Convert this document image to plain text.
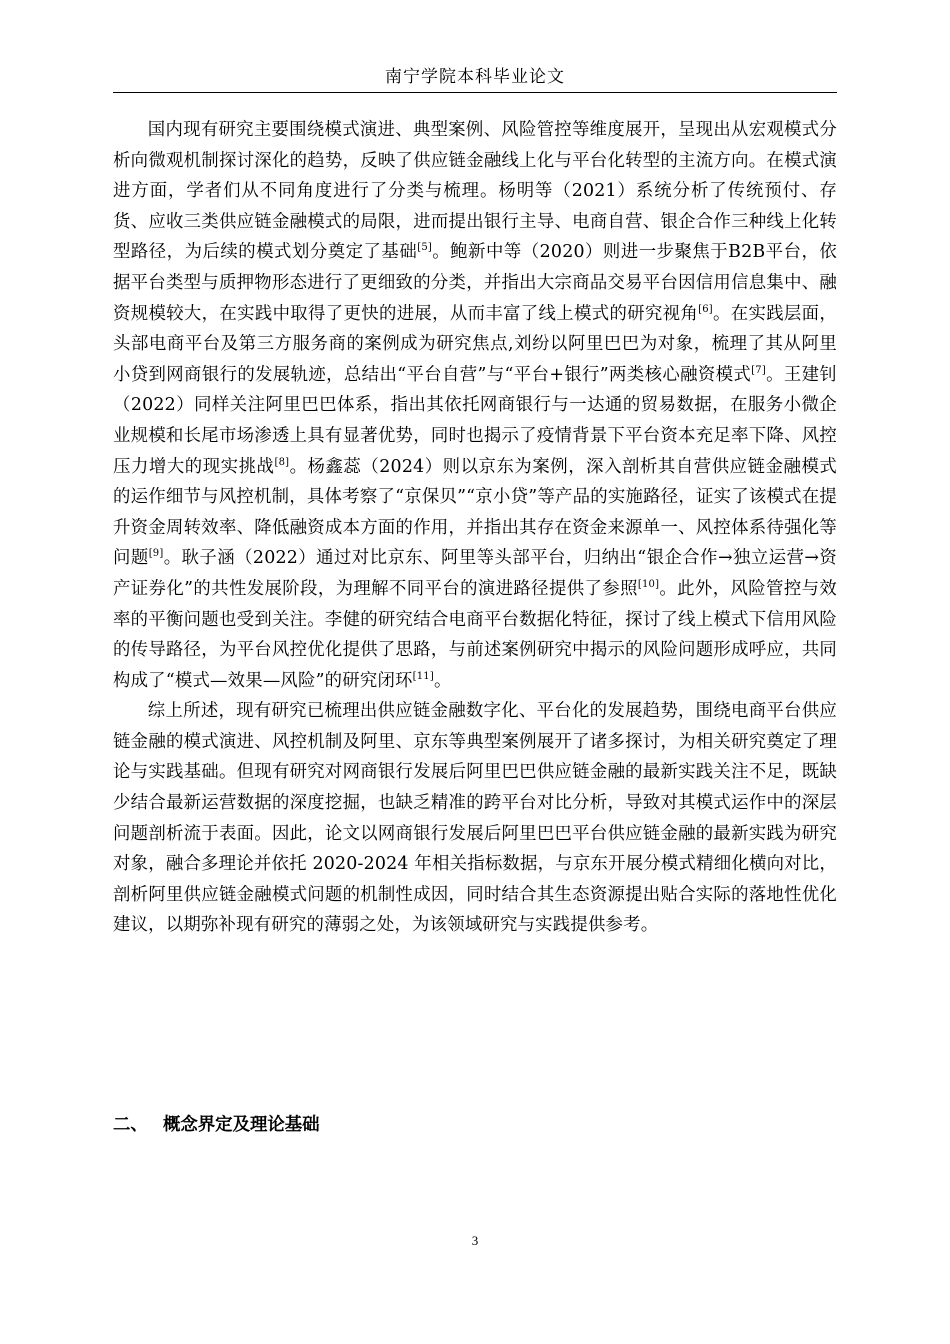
南宁学院本科毕业论文

国内现有研究主要围绕模式演进、典型案例、风险管控等维度展开，呈现出从宏观模式分析向微观机制探讨深化的趋势，反映了供应链金融线上化与平台化转型的主流方向。在模式演进方面，学者们从不同角度进行了分类与梳理。杨明等（2021）系统分析了传统预付、存货、应收三类供应链金融模式的局限，进而提出银行主导、电商自营、银企合作三种线上化转型路径，为后续的模式划分奠定了基础[5]。鲍新中等（2020）则进一步聚焦于B2B平台，依据平台类型与质押物形态进行了更细致的分类，并指出大宗商品交易平台因信用信息集中、融资规模较大，在实践中取得了更快的进展，从而丰富了线上模式的研究视角[6]。在实践层面，头部电商平台及第三方服务商的案例成为研究焦点,刘纷以阿里巴巴为对象，梳理了其从阿里小贷到网商银行的发展轨迹，总结出“平台自营”与“平台+银行”两类核心融资模式[7]。王建钊（2022）同样关注阿里巴巴体系，指出其依托网商银行与一达通的贸易数据，在服务小微企业规模和长尾市场渗透上具有显著优势，同时也揭示了疫情背景下平台资本充足率下降、风控压力增大的现实挑战[8]。杨鑫蕊（2024）则以京东为案例，深入剖析其自营供应链金融模式的运作细节与风控机制，具体考察了“京保贝”“京小贷”等产品的实施路径，证实了该模式在提升资金周转效率、降低融资成本方面的作用，并指出其存在资金来源单一、风控体系待强化等问题[9]。耿子涵（2022）通过对比京东、阿里等头部平台，归纳出“银企合作→独立运营→资产证券化”的共性发展阶段，为理解不同平台的演进路径提供了参照[10]。此外，风险管控与效率的平衡问题也受到关注。李健的研究结合电商平台数据化特征，探讨了线上模式下信用风险的传导路径，为平台风控优化提供了思路，与前述案例研究中揭示的风险问题形成呼应，共同构成了“模式—效果—风险”的研究闭环[11]。

综上所述，现有研究已梳理出供应链金融数字化、平台化的发展趋势，围绕电商平台供应链金融的模式演进、风控机制及阿里、京东等典型案例展开了诸多探讨，为相关研究奠定了理论与实践基础。但现有研究对网商银行发展后阿里巴巴供应链金融的最新实践关注不足，既缺少结合最新运营数据的深度挖掘，也缺乏精准的跨平台对比分析，导致对其模式运作中的深层问题剖析流于表面。因此，论文以网商银行发展后阿里巴巴平台供应链金融的最新实践为研究对象，融合多理论并依托 2020-2024 年相关指标数据，与京东开展分模式精细化横向对比，剖析阿里供应链金融模式问题的机制性成因，同时结合其生态资源提出贴合实际的落地性优化建议，以期弥补现有研究的薄弱之处，为该领域研究与实践提供参考。

二、 概念界定及理论基础
3
